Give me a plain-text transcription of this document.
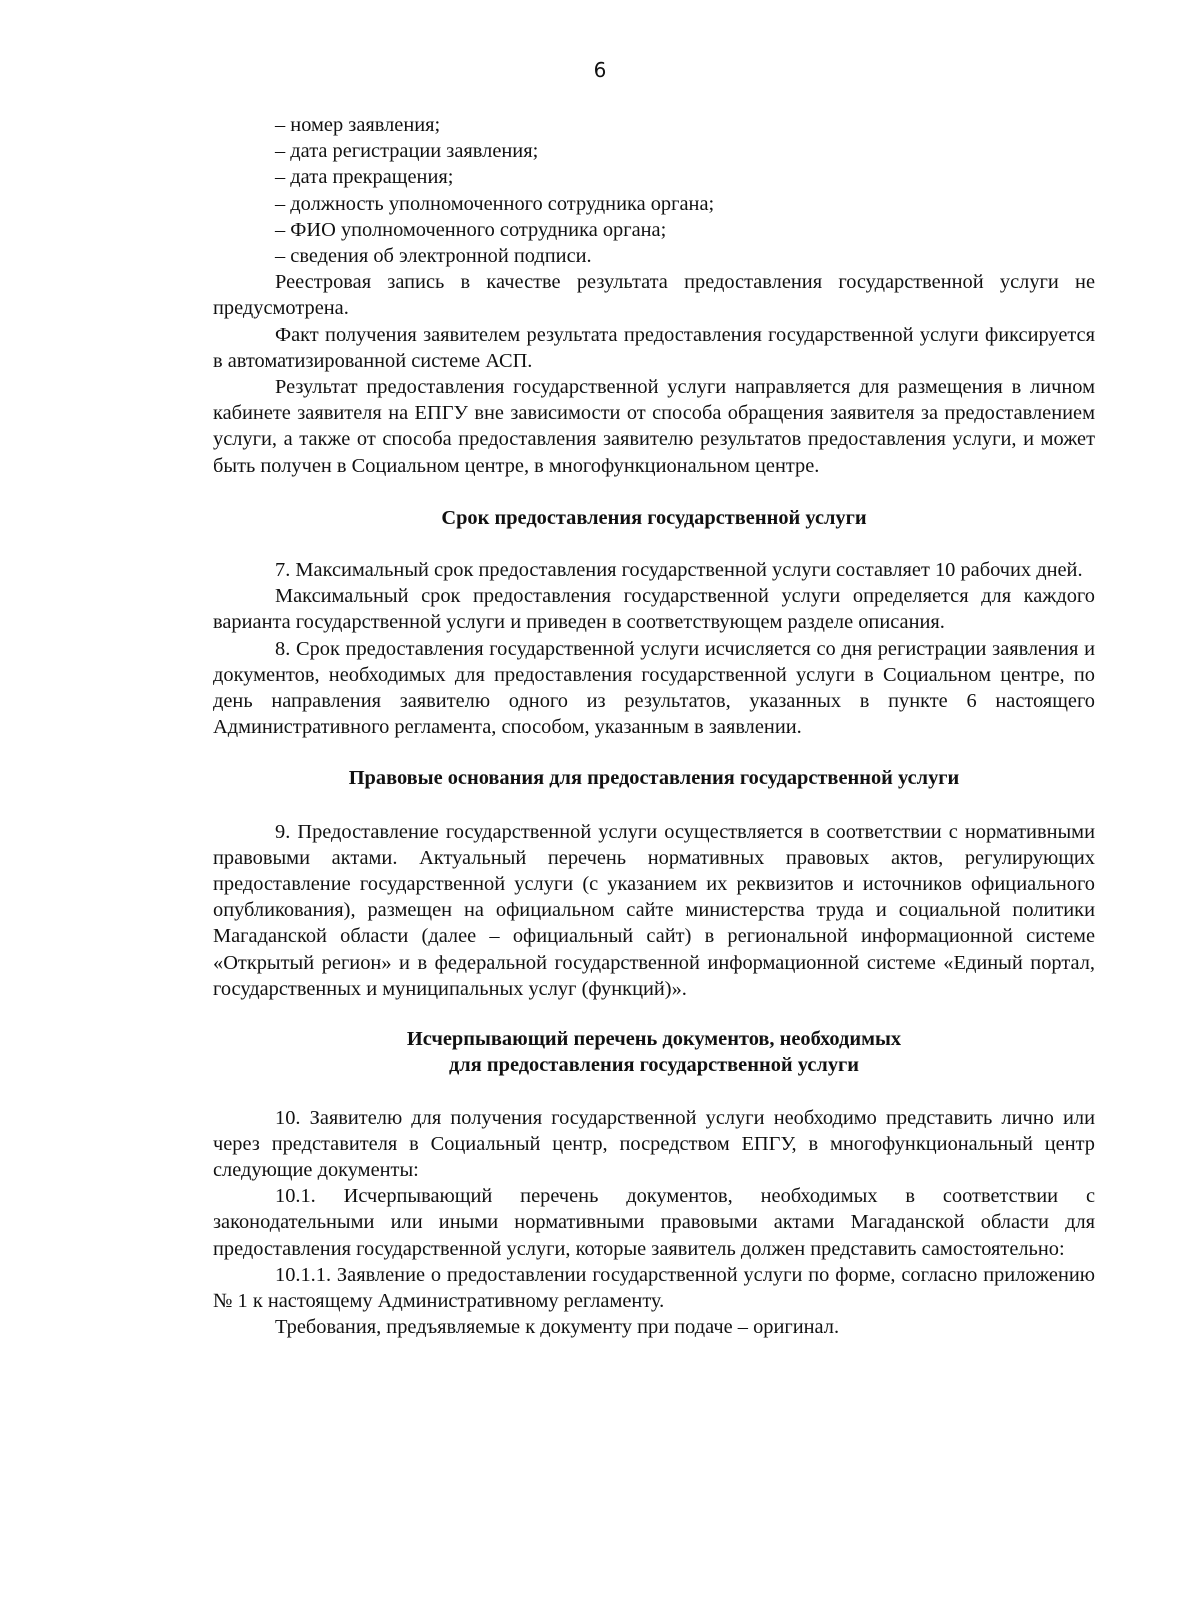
6
– номер заявления;
– дата регистрации заявления;
– дата прекращения;
– должность уполномоченного сотрудника органа;
– ФИО уполномоченного сотрудника органа;
– сведения об электронной подписи.
Реестровая запись в качестве результата предоставления государственной услуги не предусмотрена.
Факт получения заявителем результата предоставления государственной услуги фиксируется в автоматизированной системе АСП.
Результат предоставления государственной услуги направляется для размещения в личном кабинете заявителя на ЕПГУ вне зависимости от способа обращения заявителя за предоставлением услуги, а также от способа предоставления заявителю результатов предоставления услуги, и может быть получен в Социальном центре, в многофункциональном центре.
Срок предоставления государственной услуги
7. Максимальный срок предоставления государственной услуги составляет 10 рабочих дней.
Максимальный срок предоставления государственной услуги определяется для каждого варианта государственной услуги и приведен в соответствующем разделе описания.
8. Срок предоставления государственной услуги исчисляется со дня регистрации заявления и документов, необходимых для предоставления государственной услуги в Социальном центре, по день направления заявителю одного из результатов, указанных в пункте 6 настоящего Административного регламента, способом, указанным в заявлении.
Правовые основания для предоставления государственной услуги
9. Предоставление государственной услуги осуществляется в соответствии с нормативными правовыми актами. Актуальный перечень нормативных правовых актов, регулирующих предоставление государственной услуги (с указанием их реквизитов и источников официального опубликования), размещен на официальном сайте министерства труда и социальной политики Магаданской области (далее – официальный сайт) в региональной информационной системе «Открытый регион» и в федеральной государственной информационной системе «Единый портал, государственных и муниципальных услуг (функций)».
Исчерпывающий перечень документов, необходимых
для предоставления государственной услуги
10. Заявителю для получения государственной услуги необходимо представить лично или через представителя в Социальный центр, посредством ЕПГУ, в многофункциональный центр следующие документы:
10.1. Исчерпывающий перечень документов, необходимых в соответствии с законодательными или иными нормативными правовыми актами Магаданской области для предоставления государственной услуги, которые заявитель должен представить самостоятельно:
10.1.1. Заявление о предоставлении государственной услуги по форме, согласно приложению № 1 к настоящему Административному регламенту.
Требования, предъявляемые к документу при подаче – оригинал.
